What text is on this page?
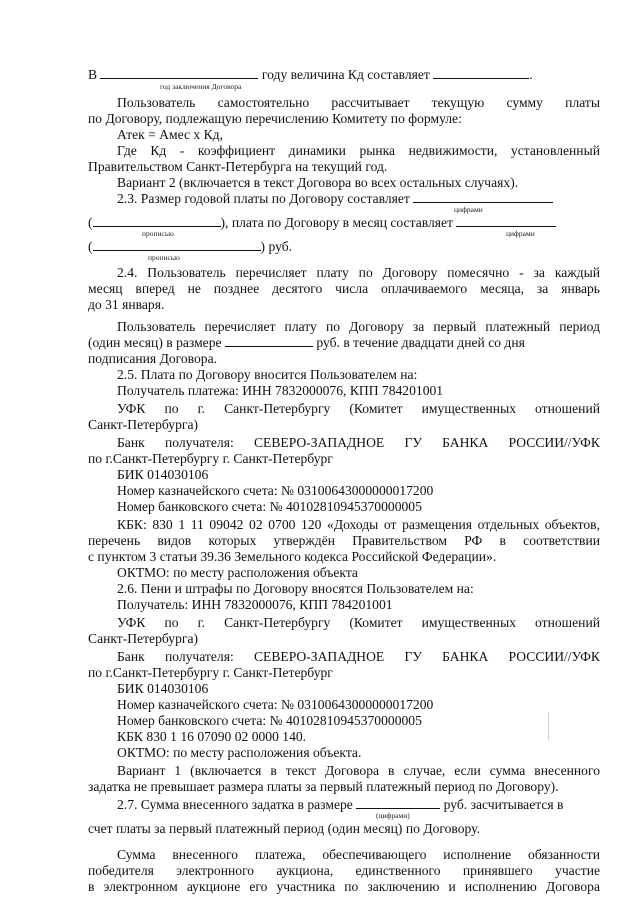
В	году величина Кд составляет	.
год заключения Договора
Пользователь самостоятельно рассчитывает текущую сумму платы
по Договору, подлежащую перечислению Комитету по формуле:
Атек = Амес х Кд,
Где Кд - коэффициент динамики рынка недвижимости, установленный
Правительством Санкт-Петербурга на текущий год.
Вариант 2 (включается в текст Договора во всех остальных случаях).
2.3. Размер годовой платы по Договору составляет
цифрами
(	), плата по Договору в месяц составляет
прописью	цифрами
(	) руб.
прописью
2.4. Пользователь перечисляет плату по Договору помесячно - за каждый
месяц вперед не позднее десятого числа оплачиваемого месяца, за январь
до 31 января.
Пользователь перечисляет плату по Договору за первый платежный период
(один месяц) в размере	руб. в течение двадцати дней со дня
подписания Договора.
2.5. Плата по Договору вносится Пользователем на:
Получатель платежа: ИНН 7832000076, КПП 784201001
УФК по г. Санкт-Петербургу (Комитет имущественных отношений
Санкт-Петербурга)
Банк получателя: СЕВЕРО-ЗАПАДНОЕ ГУ БАНКА РОССИИ//УФК
по г.Санкт-Петербургу г. Санкт-Петербург
БИК 014030106
Номер казначейского счета: № 03100643000000017200
Номер банковского счета: № 40102810945370000005
КБК: 830 1 11 09042 02 0700 120 «Доходы от размещения отдельных объектов,
перечень видов которых утверждён Правительством РФ в соответствии
с пунктом 3 статьи 39.36 Земельного кодекса Российской Федерации».
ОКТМО: по месту расположения объекта
2.6. Пени и штрафы по Договору вносятся Пользователем на:
Получатель: ИНН 7832000076, КПП 784201001
УФК по г. Санкт-Петербургу (Комитет имущественных отношений
Санкт-Петербурга)
Банк получателя: СЕВЕРО-ЗАПАДНОЕ ГУ БАНКА РОССИИ//УФК
по г.Санкт-Петербургу г. Санкт-Петербург
БИК 014030106
Номер казначейского счета: № 03100643000000017200
Номер банковского счета: № 40102810945370000005
КБК 830 1 16 07090 02 0000 140.
ОКТМО: по месту расположения объекта.
Вариант 1 (включается в текст Договора в случае, если сумма внесенного
задатка не превышает размера платы за первый платежный период по Договору).
2.7. Сумма внесенного задатка в размере	руб. засчитывается в
(цифрами)
счет платы за первый платежный период (один месяц) по Договору.
Сумма внесенного платежа, обеспечивающего исполнение обязанности
победителя электронного аукциона, единственного принявшего участие
в электронном аукционе его участника по заключению и исполнению Договора
